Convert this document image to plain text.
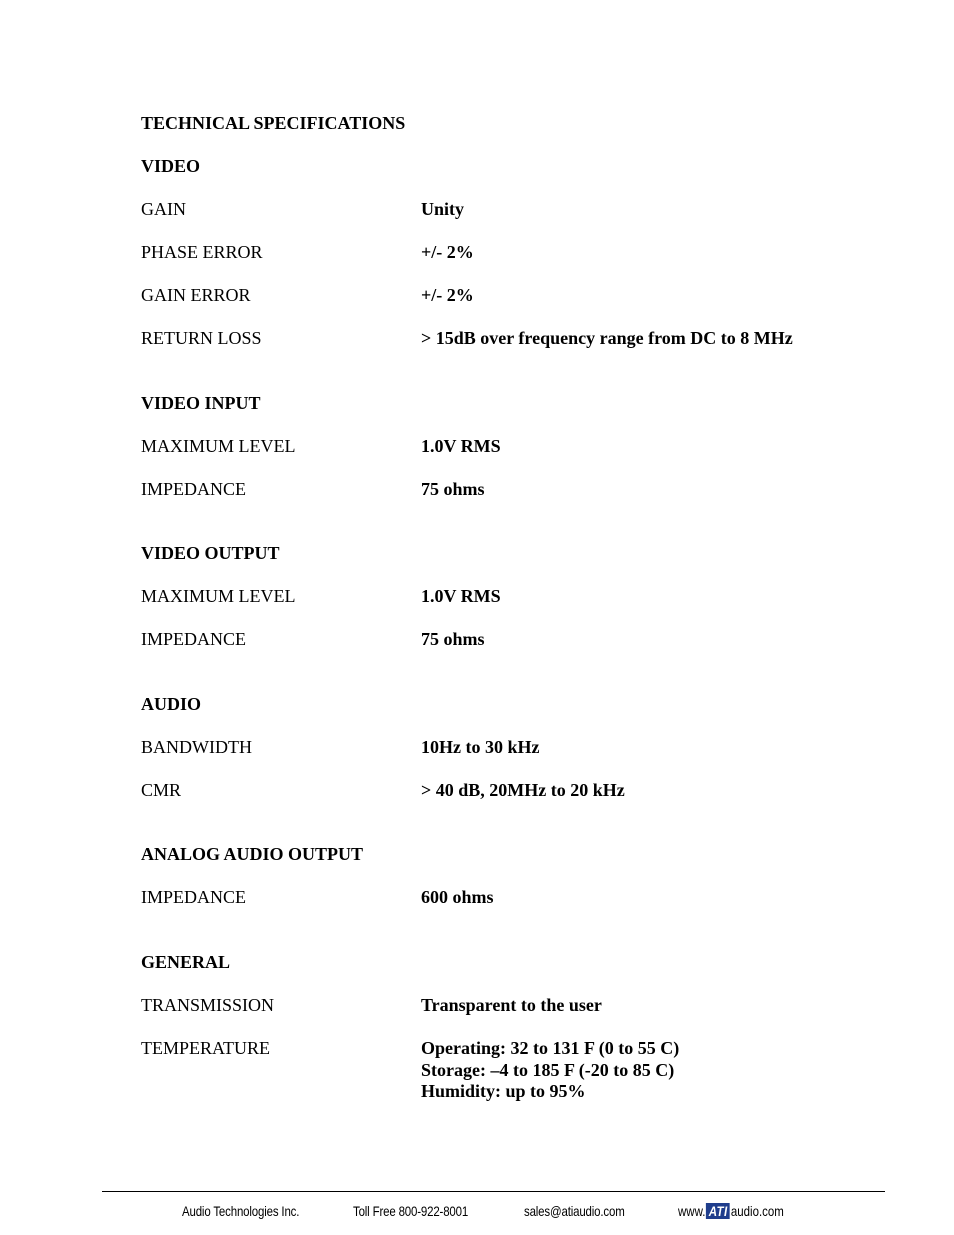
TECHNICAL SPECIFICATIONS
VIDEO
GAIN	Unity
PHASE ERROR	+/- 2%
GAIN ERROR	+/- 2%
RETURN LOSS	> 15dB over frequency range from DC to 8 MHz
VIDEO INPUT
MAXIMUM LEVEL	1.0V RMS
IMPEDANCE	75 ohms
VIDEO OUTPUT
MAXIMUM LEVEL	1.0V RMS
IMPEDANCE	75 ohms
AUDIO
BANDWIDTH	10Hz to 30 kHz
CMR	> 40 dB, 20MHz to 20 kHz
ANALOG AUDIO OUTPUT
IMPEDANCE	600 ohms
GENERAL
TRANSMISSION	Transparent to the user
TEMPERATURE	Operating: 32 to 131 F (0 to 55 C)
Storage: –4 to 185 F (-20 to 85 C)
Humidity: up to 95%
Audio Technologies Inc.	Toll Free 800-922-8001	sales@atiaudio.com	www. ATI audio.com
